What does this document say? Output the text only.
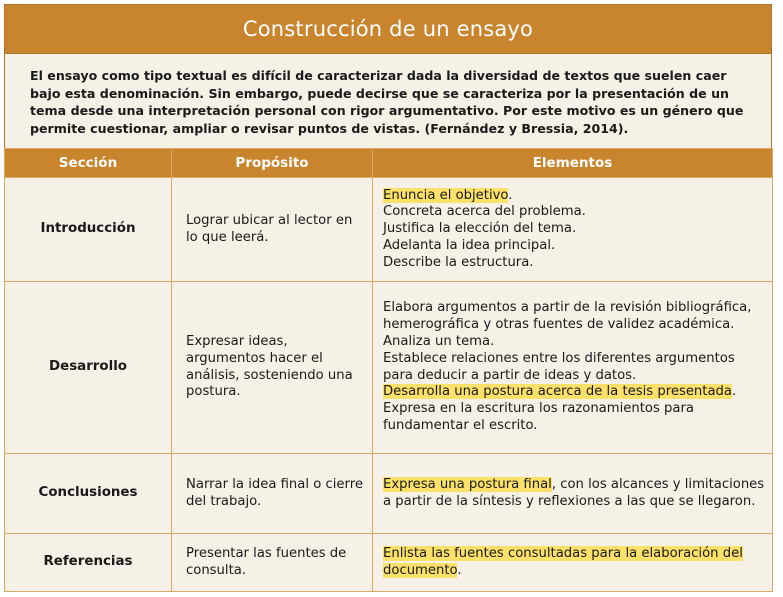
Construcción de un ensayo
El ensayo como tipo textual es difícil de caracterizar dada la diversidad de textos que suelen caer bajo esta denominación. Sin embargo, puede decirse que se caracteriza por la presentación de un tema desde una interpretación personal con rigor argumentativo. Por este motivo es un género que permite cuestionar, ampliar o revisar puntos de vistas. (Fernández y Bressia, 2014).
Sección	Propósito	Elementos
Introducción	Lograr ubicar al lector en lo que leerá.	Enuncia el objetivo.
Concreta acerca del problema.
Justifica la elección del tema.
Adelanta la idea principal.
Describe la estructura.

Desarrollo	Expresar ideas, argumentos hacer el análisis, sosteniendo una postura.	Elabora argumentos a partir de la revisión bibliográfica, hemerográfica y otras fuentes de validez académica.
Analiza un tema.
Establece relaciones entre los diferentes argumentos para deducir a partir de ideas y datos.
Desarrolla una postura acerca de la tesis presentada.
Expresa en la escritura los razonamientos para fundamentar el escrito.

Conclusiones	Narrar la idea final o cierre del trabajo.	Expresa una postura final, con los alcances y limitaciones a partir de la síntesis y reflexiones a las que se llegaron.

Referencias	Presentar las fuentes de consulta.	Enlista las fuentes consultadas para la elaboración del documento.
